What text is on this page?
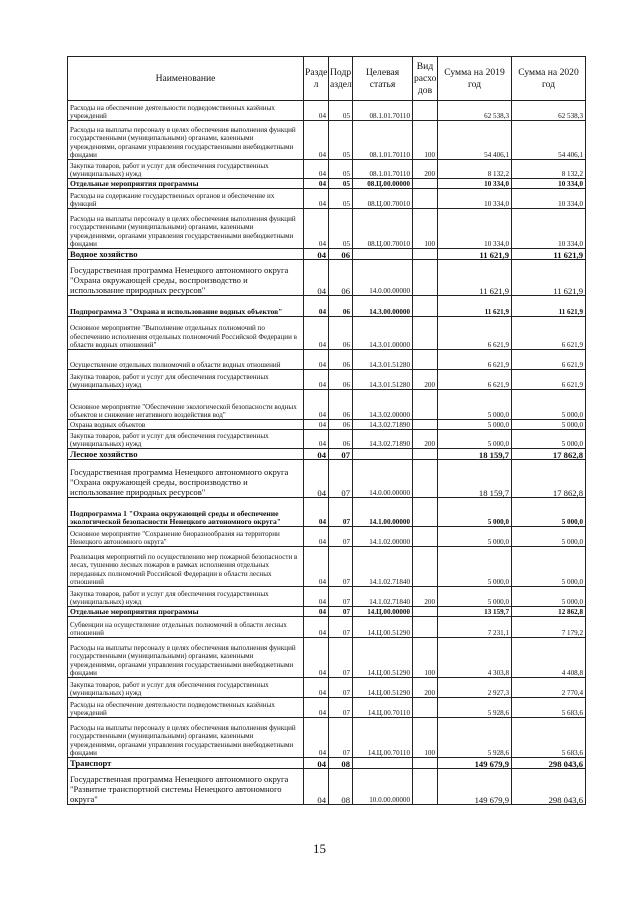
Наименование	Разде л	Подр аздел	Целевая статья	Вид расхо дов	Сумма на 2019 год	Сумма на 2020 год
Расходы на обеспечение деятельности подведомственных казённых учреждений	04	05	08.1.01.70110		62 538,3	62 538,3
Расходы на выплаты персоналу в целях обеспечения выполнения функций государственными (муниципальными) органами, казенными учреждениями, органами управления государственными внебюджетными фондами	04	05	08.1.01.70110	100	54 406,1	54 406,1
Закупка товаров, работ и услуг для обеспечения государственных (муниципальных) нужд	04	05	08.1.01.70110	200	8 132,2	8 132,2
Отдельные мероприятия программы	04	05	08.Ц.00.00000		10 334,0	10 334,0
Расходы на содержание государственных органов и обеспечение их функций	04	05	08.Ц.00.70010		10 334,0	10 334,0
Расходы на выплаты персоналу в целях обеспечения выполнения функций государственными (муниципальными) органами, казенными учреждениями, органами управления государственными внебюджетными фондами	04	05	08.Ц.00.70010	100	10 334,0	10 334,0
Водное хозяйство	04	06			11 621,9	11 621,9
Государственная программа Ненецкого автономного округа "Охрана окружающей среды, воспроизводство и использование природных ресурсов"	04	06	14.0.00.00000		11 621,9	11 621,9
Подпрограмма 3 "Охрана и использование водных объектов"	04	06	14.3.00.00000		11 621,9	11 621,9
Основное мероприятие "Выполнение отдельных полномочий по обеспечению исполнения отдельных полномочий Российской Федерации в области водных отношений"	04	06	14.3.01.00000		6 621,9	6 621,9
Осуществление отдельных полномочий в области водных отношений	04	06	14.3.01.51280		6 621,9	6 621,9
Закупка товаров, работ и услуг для обеспечения государственных (муниципальных) нужд	04	06	14.3.01.51280	200	6 621,9	6 621,9
Основное мероприятие "Обеспечение экологической безопасности водных объектов и снижение негативного воздействия вод"	04	06	14.3.02.00000		5 000,0	5 000,0
Охрана водных объектов	04	06	14.3.02.71890		5 000,0	5 000,0
Закупка товаров, работ и услуг для обеспечения государственных (муниципальных) нужд	04	06	14.3.02.71890	200	5 000,0	5 000,0
Лесное хозяйство	04	07			18 159,7	17 862,8
Государственная программа Ненецкого автономного округа "Охрана окружающей среды, воспроизводство и использование природных ресурсов"	04	07	14.0.00.00000		18 159,7	17 862,8
Подпрограмма 1 "Охрана окружающей среды и обеспечение экологической безопасности Ненецкого автономного округа"	04	07	14.1.00.00000		5 000,0	5 000,0
Основное мероприятие "Сохранение биоразнообразия на территории Ненецкого автономного округа"	04	07	14.1.02.00000		5 000,0	5 000,0
Реализация мероприятий по осуществлению мер пожарной безопасности в лесах, тушению лесных пожаров в рамках исполнения отдельных переданных полномочий Российской Федерации в области лесных отношений	04	07	14.1.02.71840		5 000,0	5 000,0
Закупка товаров, работ и услуг для обеспечения государственных (муниципальных) нужд	04	07	14.1.02.71840	200	5 000,0	5 000,0
Отдельные мероприятия программы	04	07	14.Ц.00.00000		13 159,7	12 862,8
Субвенции на осуществление отдельных полномочий в области лесных отношений	04	07	14.Ц.00.51290		7 231,1	7 179,2
Расходы на выплаты персоналу в целях обеспечения выполнения функций государственными (муниципальными) органами, казенными учреждениями, органами управления государственными внебюджетными фондами	04	07	14.Ц.00.51290	100	4 303,8	4 408,8
Закупка товаров, работ и услуг для обеспечения государственных (муниципальных) нужд	04	07	14.Ц.00.51290	200	2 927,3	2 770,4
Расходы на обеспечение деятельности подведомственных казённых учреждений	04	07	14.Ц.00.70110		5 928,6	5 683,6
Расходы на выплаты персоналу в целях обеспечения выполнения функций государственными (муниципальными) органами, казенными учреждениями, органами управления государственными внебюджетными фондами	04	07	14.Ц.00.70110	100	5 928,6	5 683,6
Транспорт	04	08			149 679,9	298 043,6
Государственная программа Ненецкого автономного округа "Развитие транспортной системы Ненецкого автономного округа"	04	08	10.0.00.00000		149 679,9	298 043,6
15
